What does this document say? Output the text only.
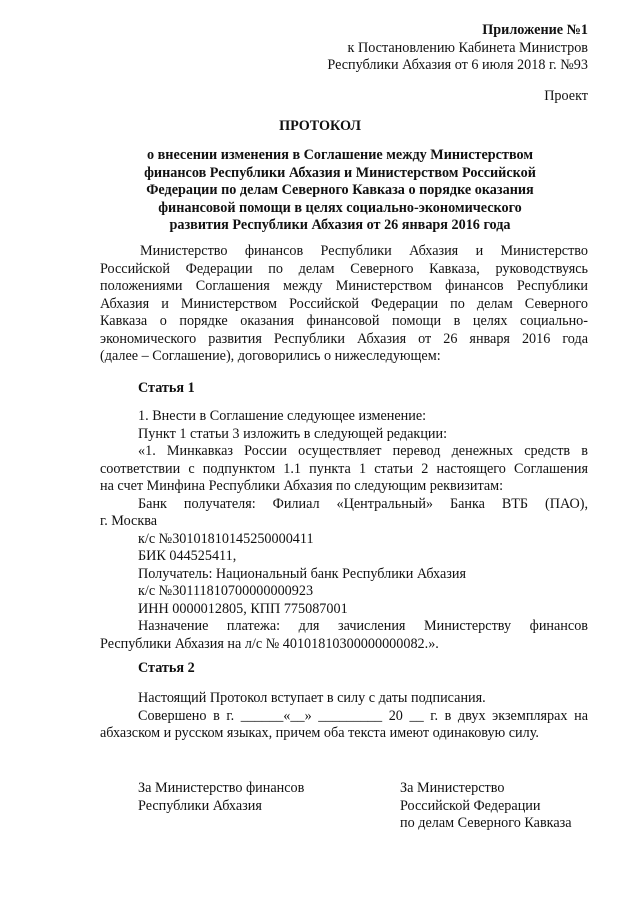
Приложение №1
к Постановлению Кабинета Министров
Республики Абхазия от 6 июля 2018 г. №93
Проект
ПРОТОКОЛ
о внесении изменения в Соглашение между Министерством
финансов Республики Абхазия и Министерством Российской
Федерации по делам Северного Кавказа о порядке оказания
финансовой помощи в целях социально-экономического
развития Республики Абхазия от 26 января 2016 года
Министерство финансов Республики Абхазия и Министерство
Российской Федерации по делам Северного Кавказа, руководствуясь
положениями Соглашения между Министерством финансов Республики
Абхазия и Министерством Российской Федерации по делам Северного
Кавказа о порядке оказания финансовой помощи в целях социально-
экономического развития Республики Абхазия от 26 января 2016 года
(далее – Соглашение), договорились о нижеследующем:
Статья 1
1. Внести в Соглашение следующее изменение:
Пункт 1 статьи 3 изложить в следующей редакции:
«1. Минкавказ России осуществляет перевод денежных средств в
соответствии с подпунктом 1.1 пункта 1 статьи 2 настоящего Соглашения
на счет Минфина Республики Абхазия по следующим реквизитам:
Банк получателя: Филиал «Центральный» Банка ВТБ (ПАО),
г. Москва
к/с №30101810145250000411
БИК 044525411,
Получатель: Национальный банк Республики Абхазия
к/с №30111810700000000923
ИНН 0000012805, КПП 775087001
Назначение платежа: для зачисления Министерству финансов
Республики Абхазия на л/с № 40101810300000000082.».
Статья 2
Настоящий Протокол вступает в силу с даты подписания.
Совершено в г. ______«__» _________ 20 __ г. в двух экземплярах на
абхазском и русском языках, причем оба текста имеют одинаковую силу.
За Министерство финансов
Республики Абхазия
За Министерство
Российской Федерации
по делам Северного Кавказа
